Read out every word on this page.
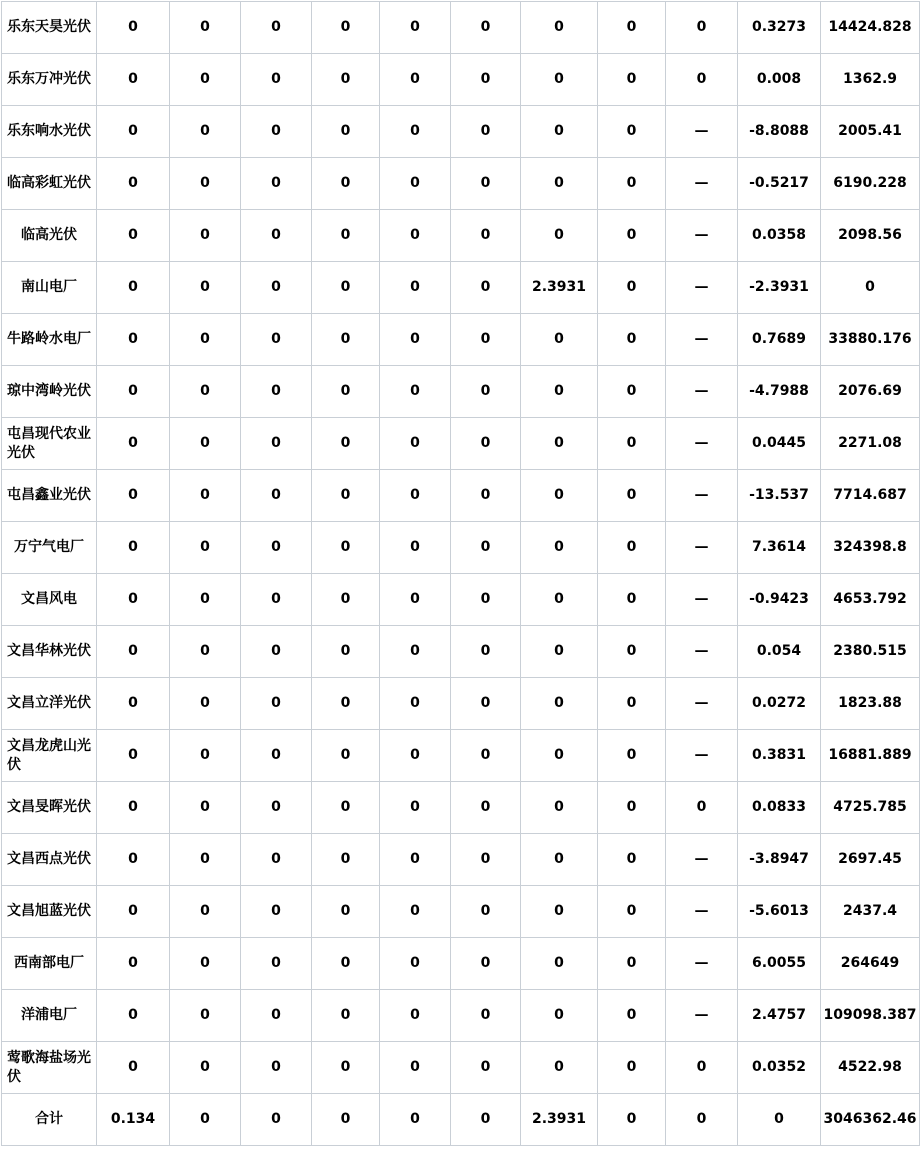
乐东天昊光伏	0	0	0	0	0	0	0	0	0	0.3273	14424.828
乐东万冲光伏	0	0	0	0	0	0	0	0	0	0.008	1362.9
乐东响水光伏	0	0	0	0	0	0	0	0	—	-8.8088	2005.41
临高彩虹光伏	0	0	0	0	0	0	0	0	—	-0.5217	6190.228
临高光伏	0	0	0	0	0	0	0	0	—	0.0358	2098.56
南山电厂	0	0	0	0	0	0	2.3931	0	—	-2.3931	0
牛路岭水电厂	0	0	0	0	0	0	0	0	—	0.7689	33880.176
琼中湾岭光伏	0	0	0	0	0	0	0	0	—	-4.7988	2076.69
屯昌现代农业光伏	0	0	0	0	0	0	0	0	—	0.0445	2271.08
屯昌鑫业光伏	0	0	0	0	0	0	0	0	—	-13.537	7714.687
万宁气电厂	0	0	0	0	0	0	0	0	—	7.3614	324398.8
文昌风电	0	0	0	0	0	0	0	0	—	-0.9423	4653.792
文昌华林光伏	0	0	0	0	0	0	0	0	—	0.054	2380.515
文昌立洋光伏	0	0	0	0	0	0	0	0	—	0.0272	1823.88
文昌龙虎山光伏	0	0	0	0	0	0	0	0	—	0.3831	16881.889
文昌旻晖光伏	0	0	0	0	0	0	0	0	0	0.0833	4725.785
文昌西点光伏	0	0	0	0	0	0	0	0	—	-3.8947	2697.45
文昌旭蓝光伏	0	0	0	0	0	0	0	0	—	-5.6013	2437.4
西南部电厂	0	0	0	0	0	0	0	0	—	6.0055	264649
洋浦电厂	0	0	0	0	0	0	0	0	—	2.4757	109098.387
莺歌海盐场光伏	0	0	0	0	0	0	0	0	0	0.0352	4522.98
合计	0.134	0	0	0	0	0	2.3931	0	0	0	3046362.46
